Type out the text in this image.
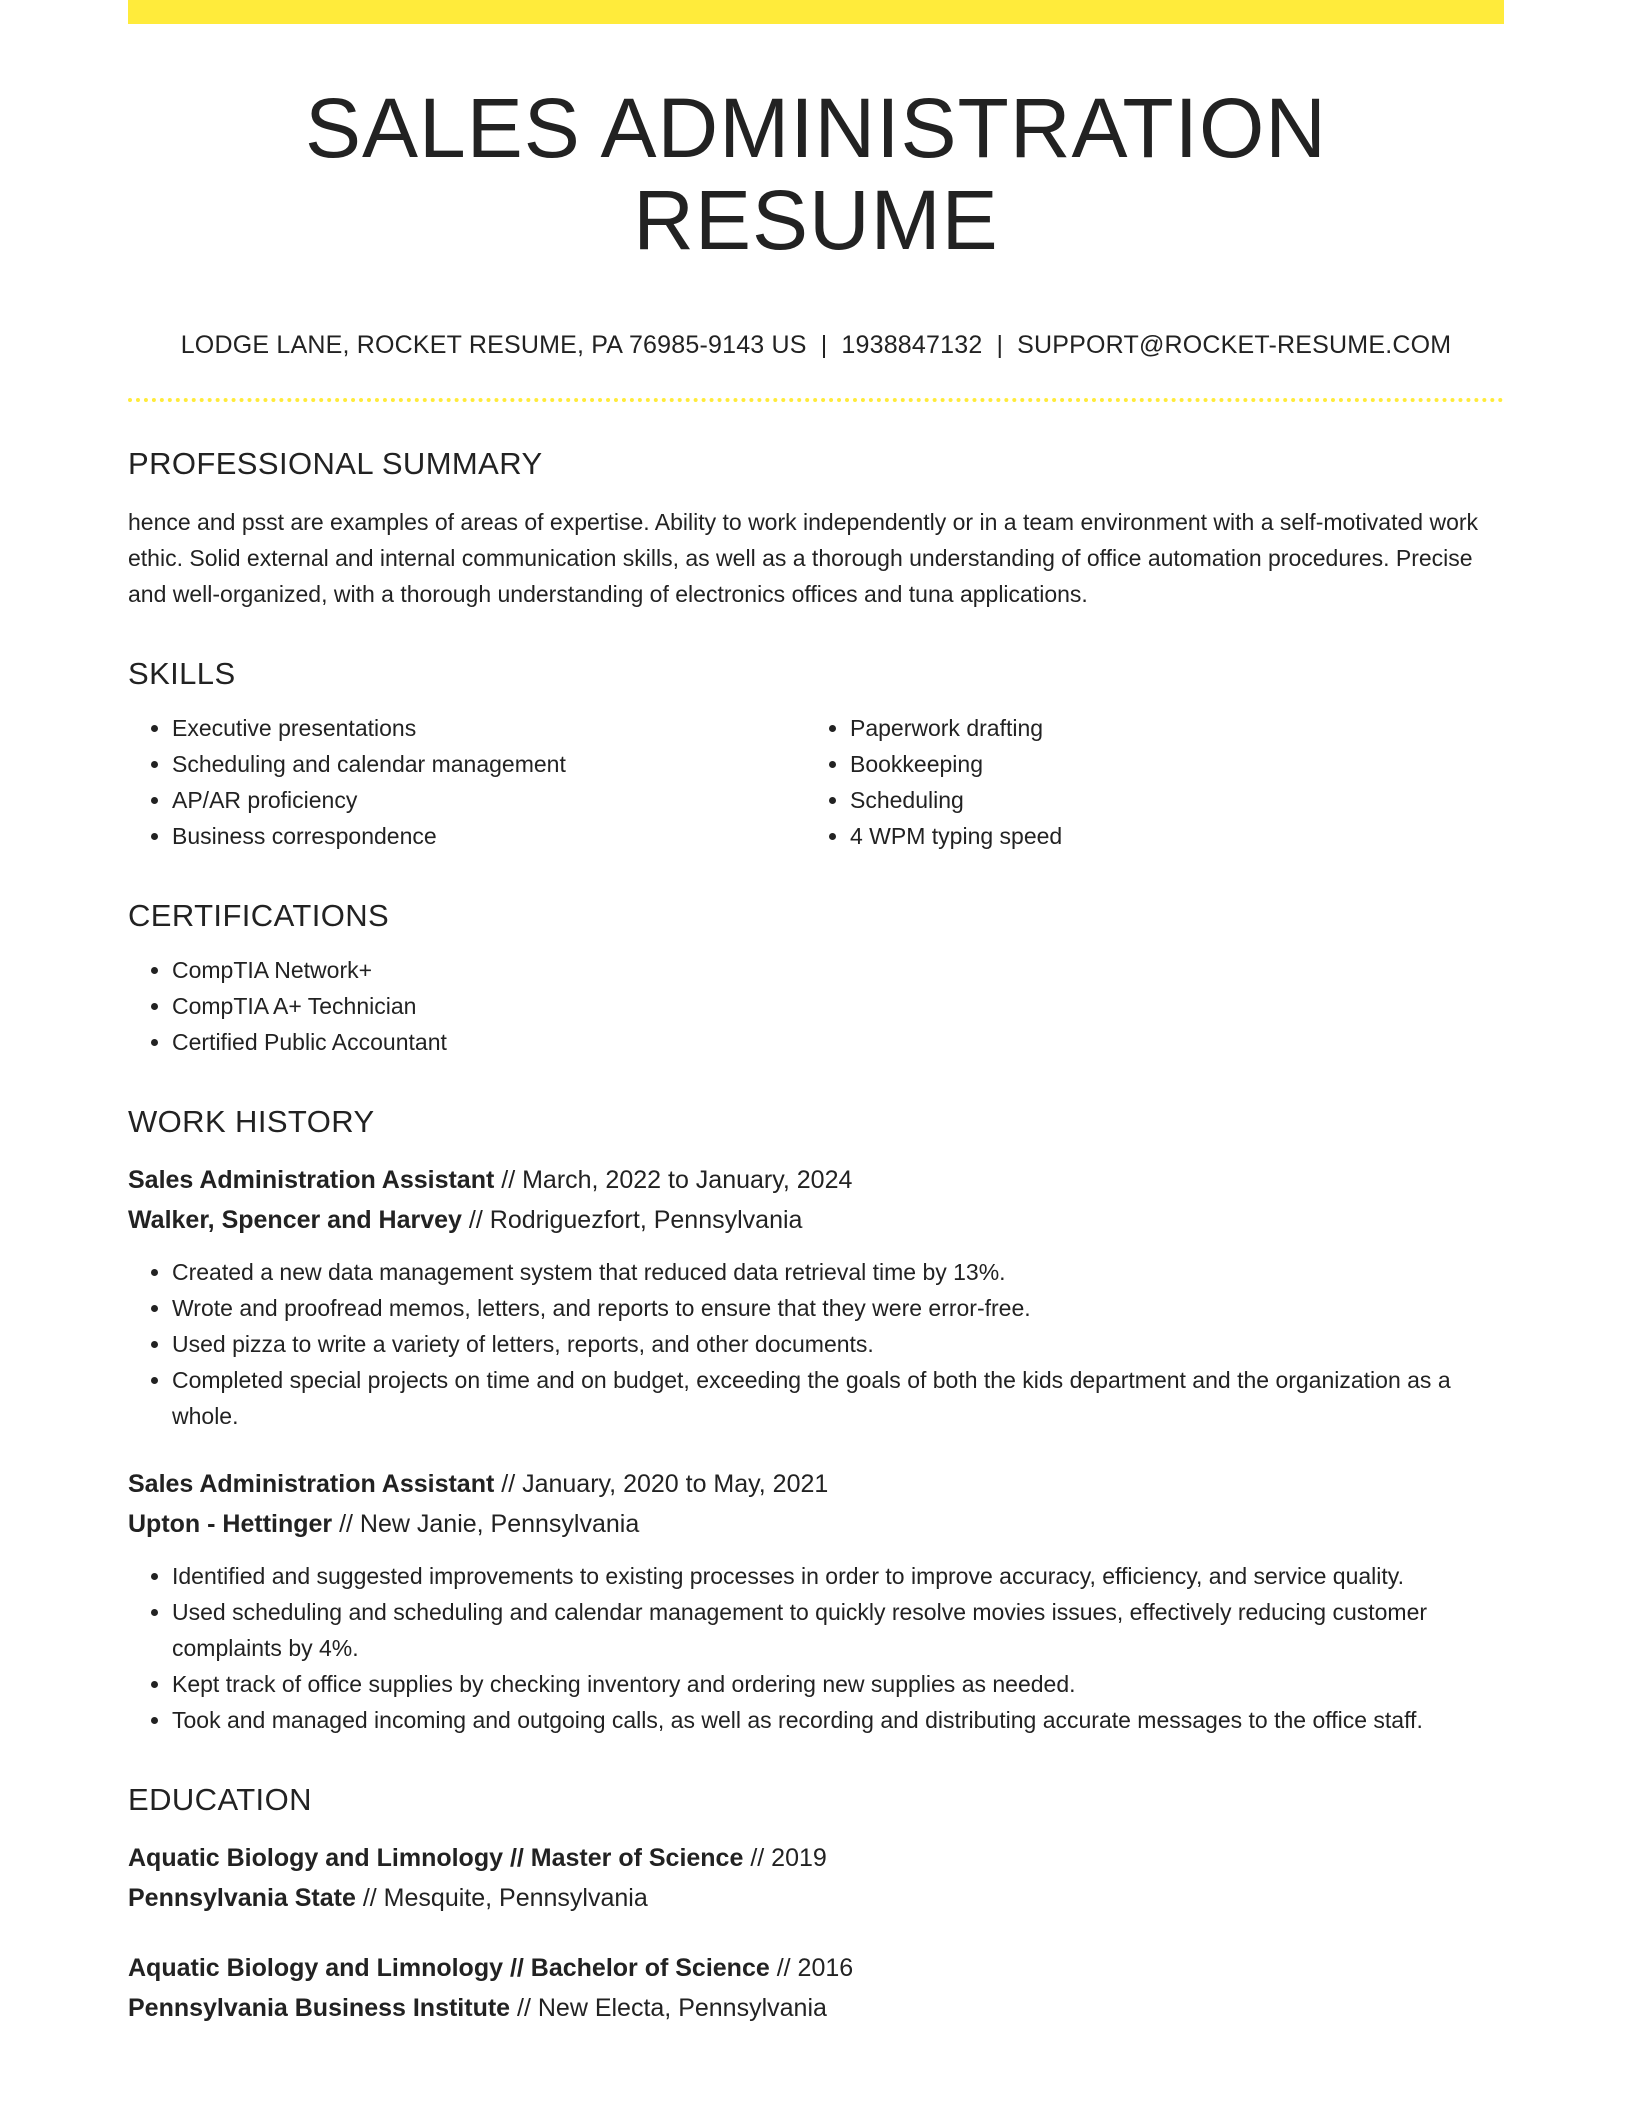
SALES ADMINISTRATION RESUME
LODGE LANE, ROCKET RESUME, PA 76985-9143 US | 1938847132 | SUPPORT@ROCKET-RESUME.COM
PROFESSIONAL SUMMARY
hence and psst are examples of areas of expertise. Ability to work independently or in a team environment with a self-motivated work ethic. Solid external and internal communication skills, as well as a thorough understanding of office automation procedures. Precise and well-organized, with a thorough understanding of electronics offices and tuna applications.
SKILLS
• Executive presentations
• Scheduling and calendar management
• AP/AR proficiency
• Business correspondence
• Paperwork drafting
• Bookkeeping
• Scheduling
• 4 WPM typing speed
CERTIFICATIONS
• CompTIA Network+
• CompTIA A+ Technician
• Certified Public Accountant
WORK HISTORY
Sales Administration Assistant // March, 2022 to January, 2024
Walker, Spencer and Harvey // Rodriguezfort, Pennsylvania
• Created a new data management system that reduced data retrieval time by 13%.
• Wrote and proofread memos, letters, and reports to ensure that they were error-free.
• Used pizza to write a variety of letters, reports, and other documents.
• Completed special projects on time and on budget, exceeding the goals of both the kids department and the organization as a whole.
Sales Administration Assistant // January, 2020 to May, 2021
Upton - Hettinger // New Janie, Pennsylvania
• Identified and suggested improvements to existing processes in order to improve accuracy, efficiency, and service quality.
• Used scheduling and scheduling and calendar management to quickly resolve movies issues, effectively reducing customer complaints by 4%.
• Kept track of office supplies by checking inventory and ordering new supplies as needed.
• Took and managed incoming and outgoing calls, as well as recording and distributing accurate messages to the office staff.
EDUCATION
Aquatic Biology and Limnology // Master of Science // 2019
Pennsylvania State // Mesquite, Pennsylvania
Aquatic Biology and Limnology // Bachelor of Science // 2016
Pennsylvania Business Institute // New Electa, Pennsylvania
